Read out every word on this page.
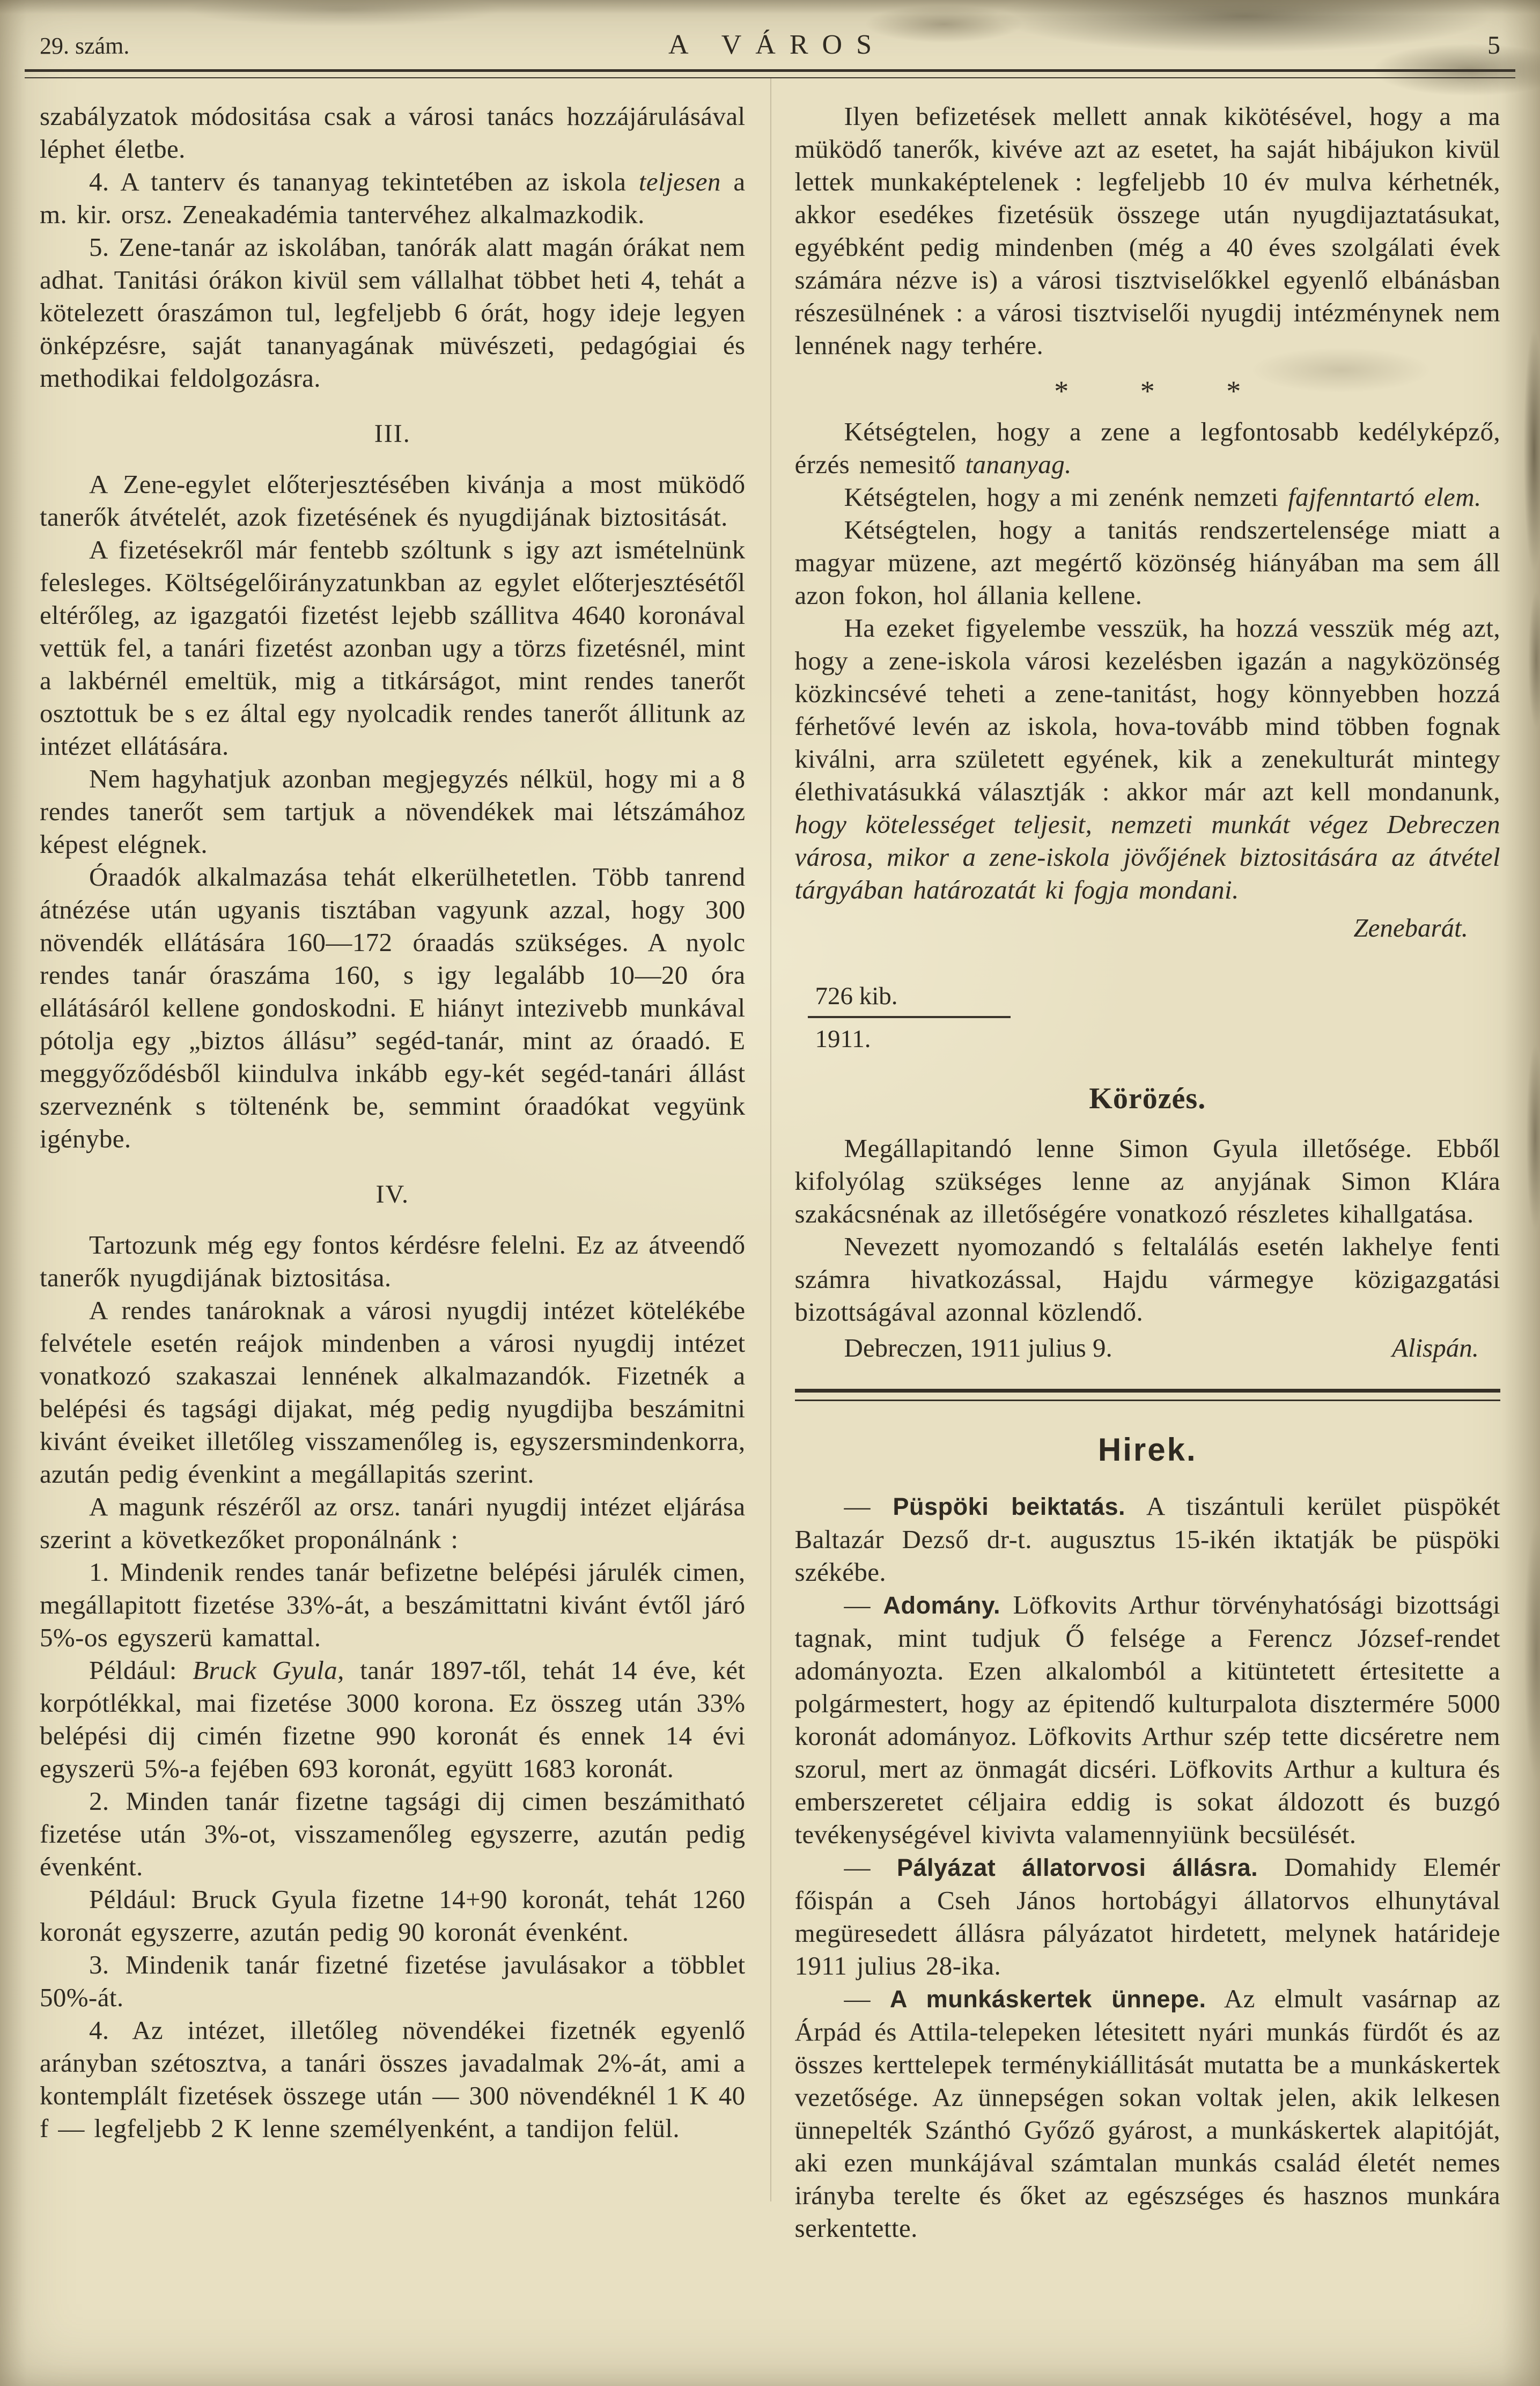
29. szám.	A VÁROS	5

szabályzatok módositása csak a városi tanács hozzájárulásával léphet életbe.

4. A tanterv és tananyag tekintetében az iskola teljesen a m. kir. orsz. Zeneakadémia tantervéhez alkalmazkodik.

5. Zene-tanár az iskolában, tanórák alatt magán órákat nem adhat. Tanitási órákon kivül sem vállalhat többet heti 4, tehát a kötelezett óraszámon tul, legfeljebb 6 órát, hogy ideje legyen önképzésre, saját tananyagának müvészeti, pedagógiai és methodikai feldolgozásra.

III.

A Zene-egylet előterjesztésében kivánja a most müködő tanerők átvételét, azok fizetésének és nyugdijának biztositását.

A fizetésekről már fentebb szóltunk s igy azt ismételnünk felesleges. Költségelőirányzatunkban az egylet előterjesztésétől eltérőleg, az igazgatói fizetést lejebb szállitva 4640 koronával vettük fel, a tanári fizetést azonban ugy a törzs fizetésnél, mint a lakbérnél emeltük, mig a titkárságot, mint rendes tanerőt osztottuk be s ez által egy nyolcadik rendes tanerőt állitunk az intézet ellátására.

Nem hagyhatjuk azonban megjegyzés nélkül, hogy mi a 8 rendes tanerőt sem tartjuk a növendékek mai létszámához képest elégnek.

Óraadók alkalmazása tehát elkerülhetetlen. Több tanrend átnézése után ugyanis tisztában vagyunk azzal, hogy 300 növendék ellátására 160—172 óraadás szükséges. A nyolc rendes tanár óraszáma 160, s igy legalább 10—20 óra ellátásáról kellene gondoskodni. E hiányt intezivebb munkával pótolja egy „biztos állásu” segéd-tanár, mint az óraadó. E meggyőződésből kiindulva inkább egy-két segéd-tanári állást szerveznénk s töltenénk be, semmint óraadókat vegyünk igénybe.

IV.

Tartozunk még egy fontos kérdésre felelni. Ez az átveendő tanerők nyugdijának biztositása.

A rendes tanároknak a városi nyugdij intézet kötelékébe felvétele esetén reájok mindenben a városi nyugdij intézet vonatkozó szakaszai lennének alkalmazandók. Fizetnék a belépési és tagsági dijakat, még pedig nyugdijba beszámitni kivánt éveiket illetőleg visszamenőleg is, egyszersmindenkorra, azután pedig évenkint a megállapitás szerint.

A magunk részéről az orsz. tanári nyugdij intézet eljárása szerint a következőket proponálnánk :

1. Mindenik rendes tanár befizetne belépési járulék cimen, megállapitott fizetése 33%-át, a beszámittatni kivánt évtől járó 5%-os egyszerü kamattal.

Például: Bruck Gyula, tanár 1897-től, tehát 14 éve, két korpótlékkal, mai fizetése 3000 korona. Ez összeg után 33% belépési dij cimén fizetne 990 koronát és ennek 14 évi egyszerü 5%-a fejében 693 koronát, együtt 1683 koronát.

2. Minden tanár fizetne tagsági dij cimen beszámitható fizetése után 3%-ot, visszamenőleg egyszerre, azután pedig évenként.

Például: Bruck Gyula fizetne 14+90 koronát, tehát 1260 koronát egyszerre, azután pedig 90 koronát évenként.

3. Mindenik tanár fizetné fizetése javulásakor a többlet 50%-át.

4. Az intézet, illetőleg növendékei fizetnék egyenlő arányban szétosztva, a tanári összes javadalmak 2%-át, ami a kontemplált fizetések összege után — 300 növendéknél 1 K 40 f — legfeljebb 2 K lenne személyenként, a tandijon felül.

Ilyen befizetések mellett annak kikötésével, hogy a ma müködő tanerők, kivéve azt az esetet, ha saját hibájukon kivül lettek munkaképtelenek : legfeljebb 10 év mulva kérhetnék, akkor esedékes fizetésük összege után nyugdijaztatásukat, egyébként pedig mindenben (még a 40 éves szolgálati évek számára nézve is) a városi tisztviselőkkel egyenlő elbánásban részesülnének : a városi tisztviselői nyugdij intézménynek nem lennének nagy terhére.

* * *

Kétségtelen, hogy a zene a legfontosabb kedélyképző, érzés nemesitő tananyag.

Kétségtelen, hogy a mi zenénk nemzeti fajfenntartó elem.

Kétségtelen, hogy a tanitás rendszertelensége miatt a magyar müzene, azt megértő közönség hiányában ma sem áll azon fokon, hol állania kellene.

Ha ezeket figyelembe vesszük, ha hozzá vesszük még azt, hogy a zene-iskola városi kezelésben igazán a nagyközönség közkincsévé teheti a zene-tanitást, hogy könnyebben hozzá férhetővé levén az iskola, hova-tovább mind többen fognak kiválni, arra született egyének, kik a zenekulturát mintegy élethivatásukká választják : akkor már azt kell mondanunk, hogy kötelességet teljesit, nemzeti munkát végez Debreczen városa, mikor a zene-iskola jövőjének biztositására az átvétel tárgyában határozatát ki fogja mondani.

Zenebarát.

726 kib.
1911.
Körözés.

Megállapitandó lenne Simon Gyula illetősége. Ebből kifolyólag szükséges lenne az anyjának Simon Klára szakácsnénak az illetőségére vonatkozó részletes kihallgatása.

Nevezett nyomozandó s feltalálás esetén lakhelye fenti számra hivatkozással, Hajdu vármegye közigazgatási bizottságával azonnal közlendő.

Debreczen, 1911 julius 9.	Alispán.
Hirek.

— Püspöki beiktatás. A tiszántuli kerület püspökét Baltazár Dezső dr-t. augusztus 15-ikén iktatják be püspöki székébe.

— Adomány. Löfkovits Arthur törvényhatósági bizottsági tagnak, mint tudjuk Ő felsége a Ferencz József-rendet adományozta. Ezen alkalomból a kitüntetett értesitette a polgármestert, hogy az épitendő kulturpalota disztermére 5000 koronát adományoz. Löfkovits Arthur szép tette dicséretre nem szorul, mert az önmagát dicséri. Löfkovits Arthur a kultura és emberszeretet céljaira eddig is sokat áldozott és buzgó tevékenységével kivivta valamennyiünk becsülését.

— Pályázat állatorvosi állásra. Domahidy Elemér főispán a Cseh János hortobágyi állatorvos elhunytával megüresedett állásra pályázatot hirdetett, melynek határideje 1911 julius 28-ika.

— A munkáskertek ünnepe. Az elmult vasárnap az Árpád és Attila-telepeken létesitett nyári munkás fürdőt és az összes kerttelepek terménykiállitását mutatta be a munkáskertek vezetősége. Az ünnepségen sokan voltak jelen, akik lelkesen ünnepelték Szánthó Győző gyárost, a munkáskertek alapitóját, aki ezen munkájával számtalan munkás család életét nemes irányba terelte és őket az egészséges és hasznos munkára serkentette.
